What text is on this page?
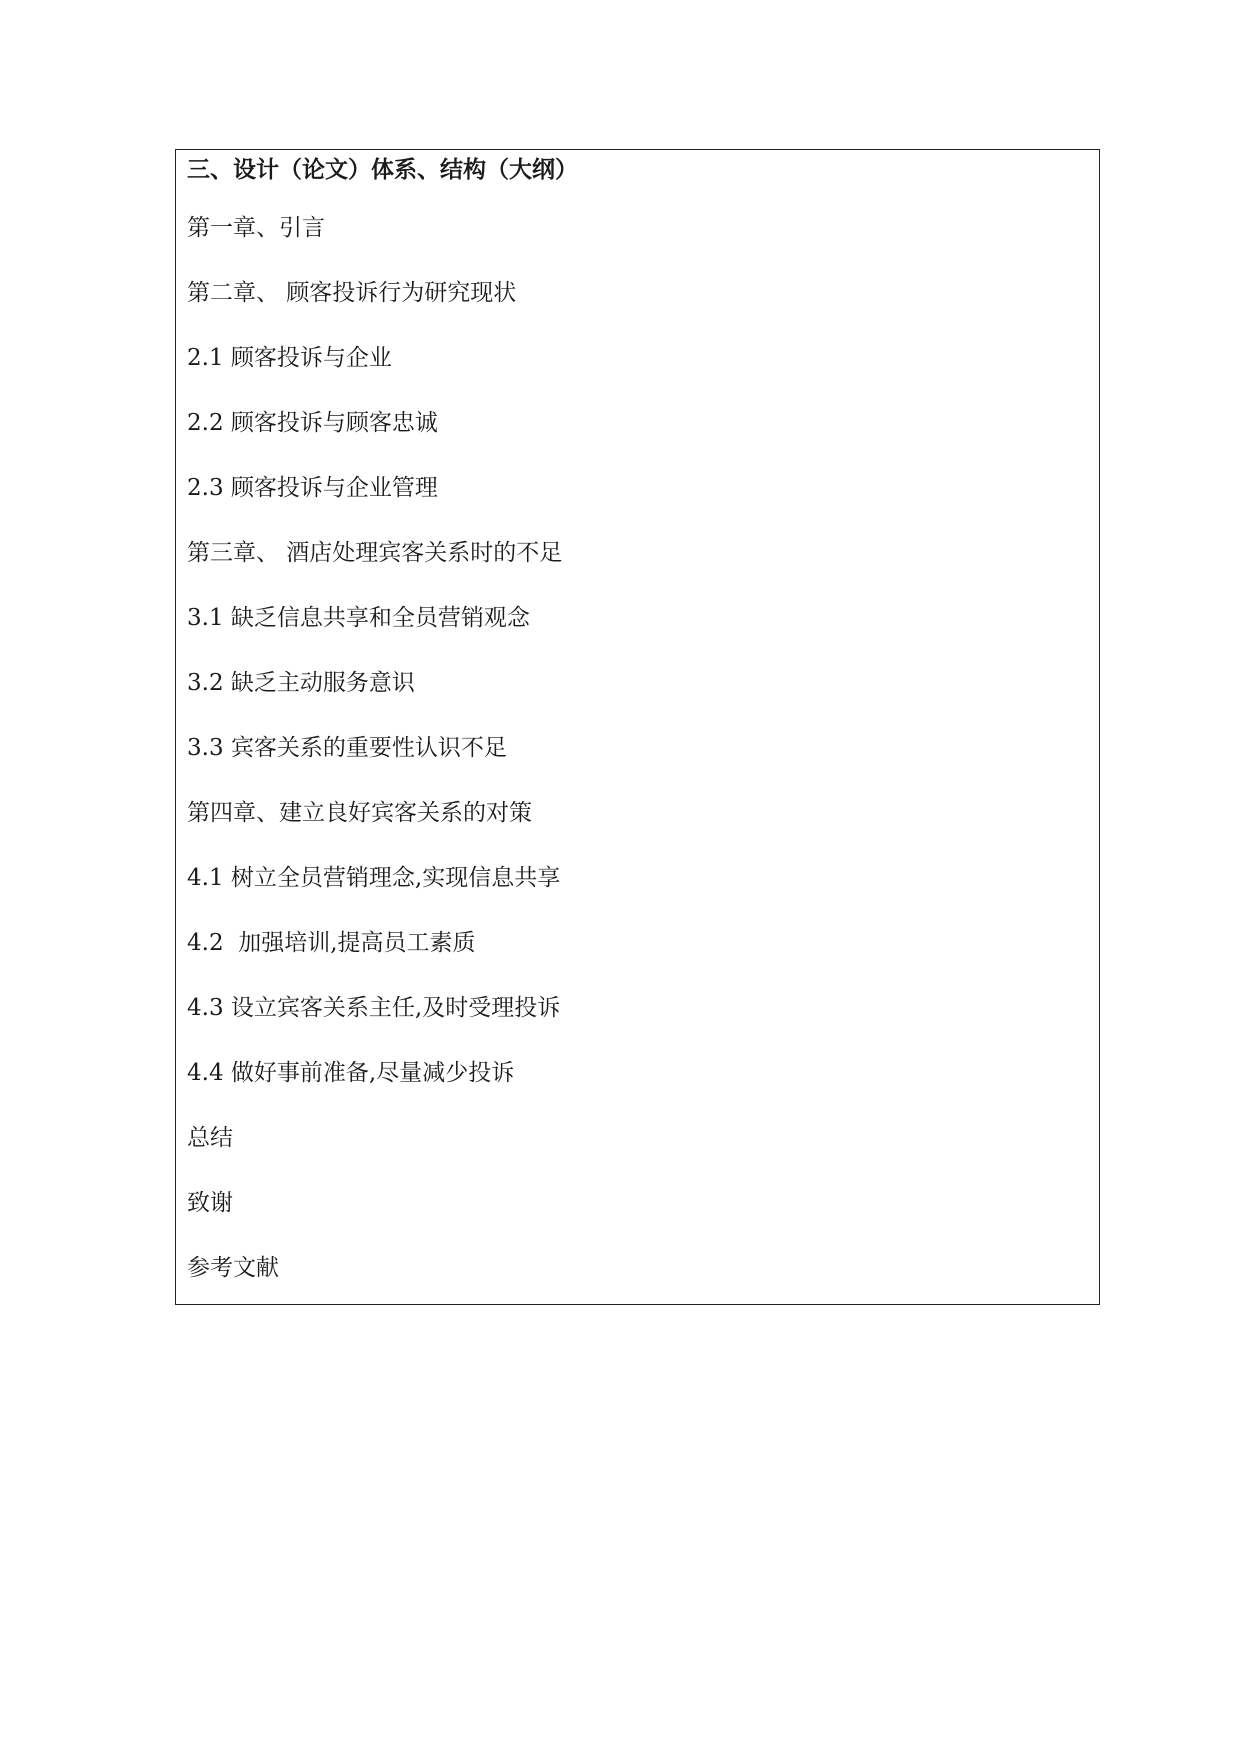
三、设计（论文）体系、结构（大纲）
第一章、引言
第二章、 顾客投诉行为研究现状
2.1 顾客投诉与企业
2.2 顾客投诉与顾客忠诚
2.3 顾客投诉与企业管理
第三章、 酒店处理宾客关系时的不足
3.1 缺乏信息共享和全员营销观念
3.2 缺乏主动服务意识
3.3 宾客关系的重要性认识不足
第四章、建立良好宾客关系的对策
4.1 树立全员营销理念,实现信息共享
4.2  加强培训,提高员工素质
4.3 设立宾客关系主任,及时受理投诉
4.4 做好事前准备,尽量减少投诉
总结
致谢
参考文献
